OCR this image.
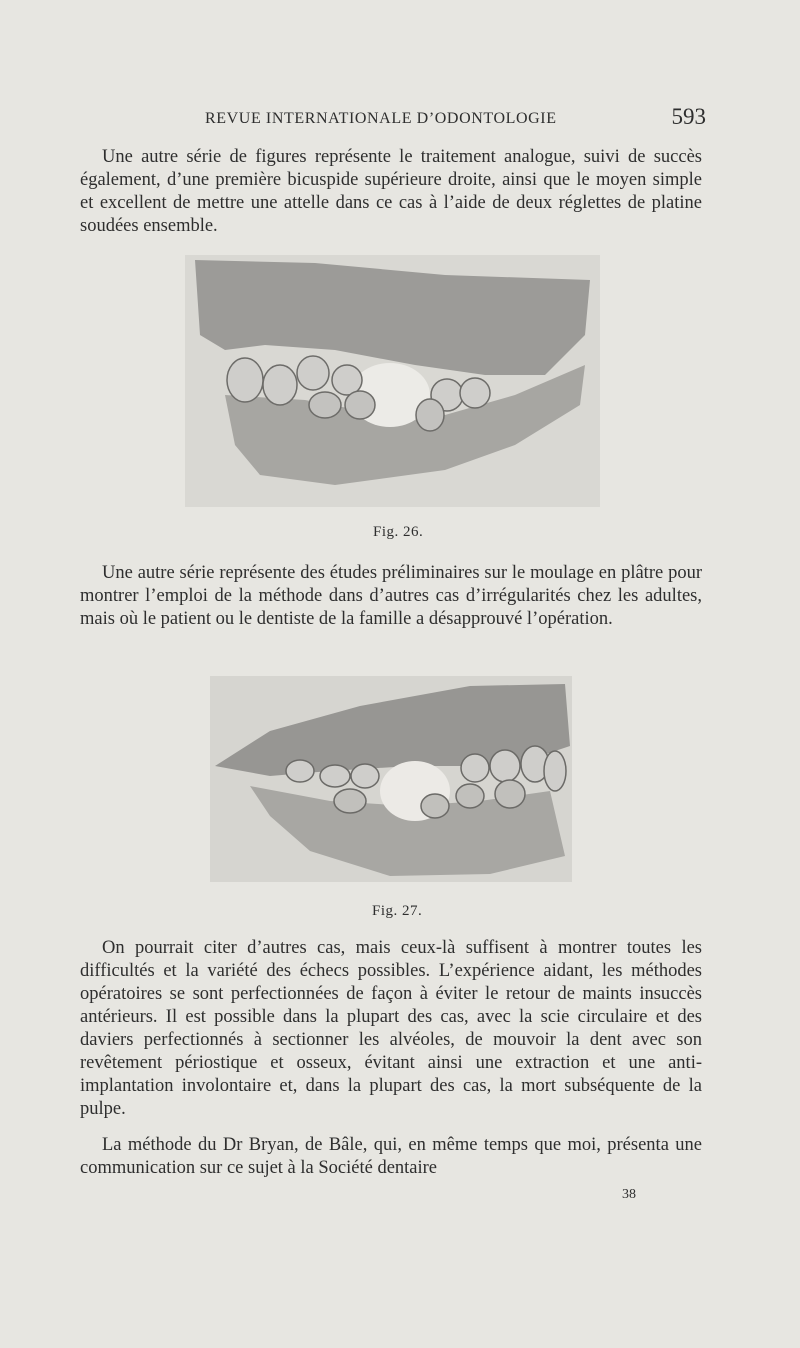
REVUE INTERNATIONALE D’ODONTOLOGIE	593

Une autre série de figures représente le traitement analogue, suivi de succès également, d’une première bicuspide supérieure droite, ainsi que le moyen simple et excellent de mettre une attelle dans ce cas à l’aide de deux réglettes de platine soudées ensemble.

Fig. 26.

Une autre série représente des études préliminaires sur le moulage en plâtre pour montrer l’emploi de la méthode dans d’autres cas d’irrégularités chez les adultes, mais où le patient ou le dentiste de la famille a désapprouvé l’opération.

Fig. 27.

On pourrait citer d’autres cas, mais ceux-là suffisent à montrer toutes les difficultés et la variété des échecs possibles. L’expérience aidant, les méthodes opératoires se sont perfectionnées de façon à éviter le retour de maints insuccès antérieurs. Il est possible dans la plupart des cas, avec la scie circulaire et des daviers perfectionnés à sectionner les alvéoles, de mouvoir la dent avec son revêtement périostique et osseux, évitant ainsi une extraction et une anti-implantation involontaire et, dans la plupart des cas, la mort subséquente de la pulpe.

La méthode du Dr Bryan, de Bâle, qui, en même temps que moi, présenta une communication sur ce sujet à la Société dentaire

38
